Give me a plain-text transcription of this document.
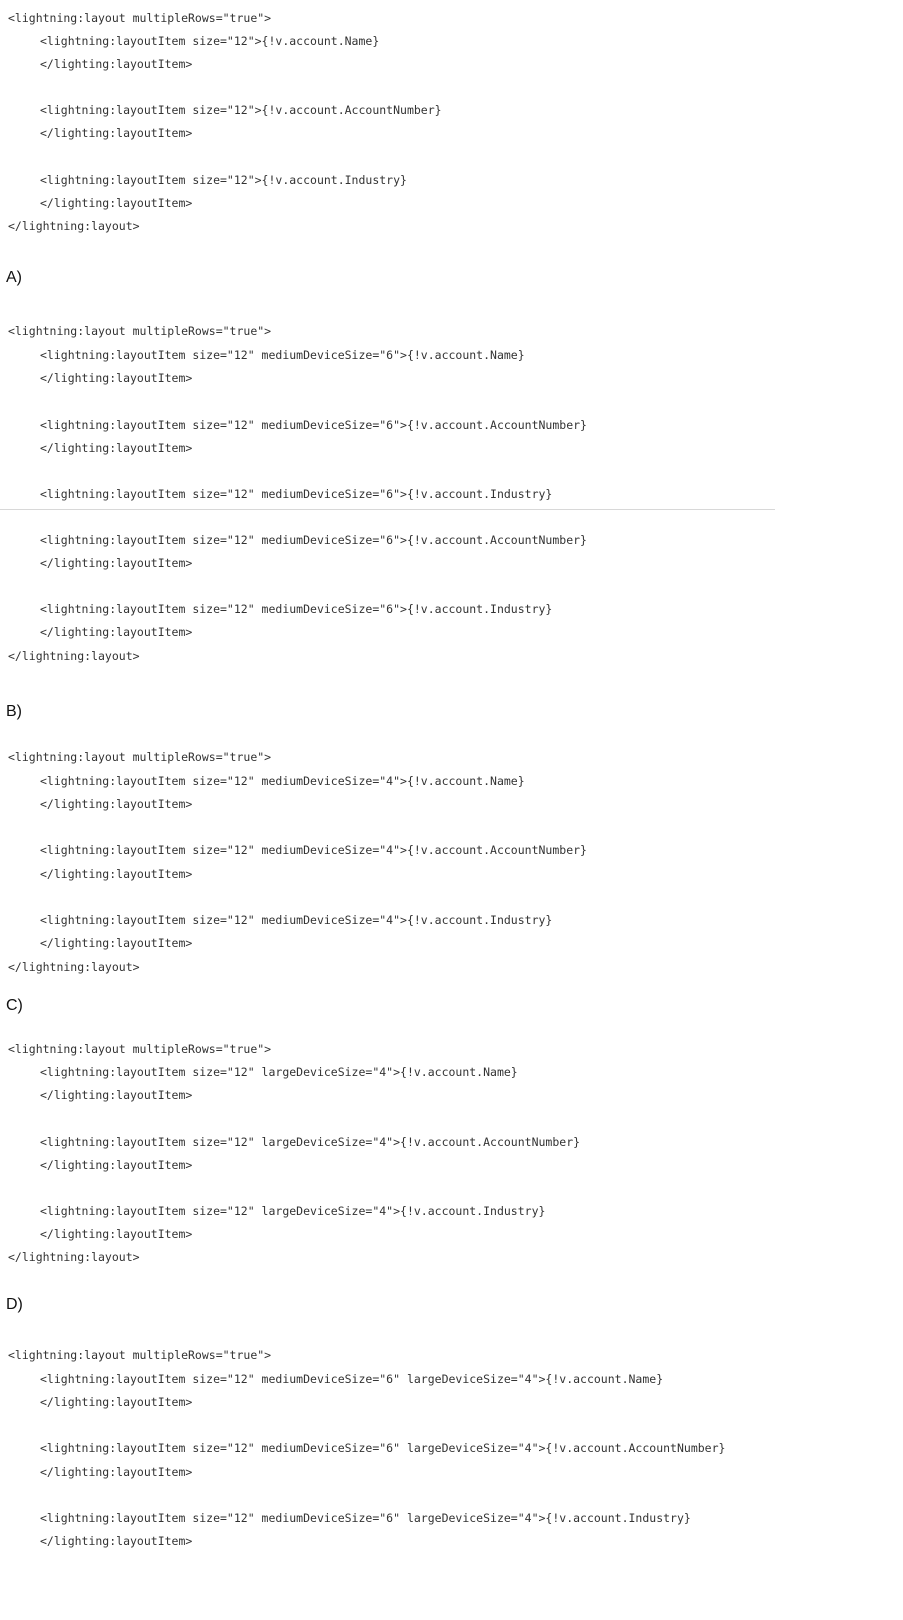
<lightning:layout multipleRows="true">
<lightning:layoutItem size="12">{!v.account.Name}
</lighting:layoutItem>
<lightning:layoutItem size="12">{!v.account.AccountNumber}
</lighting:layoutItem>
<lightning:layoutItem size="12">{!v.account.Industry}
</lighting:layoutItem>
</lightning:layout>
A)
<lightning:layout multipleRows="true">
<lightning:layoutItem size="12" mediumDeviceSize="6">{!v.account.Name}
</lighting:layoutItem>
<lightning:layoutItem size="12" mediumDeviceSize="6">{!v.account.AccountNumber}
</lighting:layoutItem>
<lightning:layoutItem size="12" mediumDeviceSize="6">{!v.account.Industry}
<lightning:layoutItem size="12" mediumDeviceSize="6">{!v.account.AccountNumber}
</lighting:layoutItem>
<lightning:layoutItem size="12" mediumDeviceSize="6">{!v.account.Industry}
</lighting:layoutItem>
</lightning:layout>
B)
<lightning:layout multipleRows="true">
<lightning:layoutItem size="12" mediumDeviceSize="4">{!v.account.Name}
</lighting:layoutItem>
<lightning:layoutItem size="12" mediumDeviceSize="4">{!v.account.AccountNumber}
</lighting:layoutItem>
<lightning:layoutItem size="12" mediumDeviceSize="4">{!v.account.Industry}
</lighting:layoutItem>
</lightning:layout>
C)
<lightning:layout multipleRows="true">
<lightning:layoutItem size="12" largeDeviceSize="4">{!v.account.Name}
</lighting:layoutItem>
<lightning:layoutItem size="12" largeDeviceSize="4">{!v.account.AccountNumber}
</lighting:layoutItem>
<lightning:layoutItem size="12" largeDeviceSize="4">{!v.account.Industry}
</lighting:layoutItem>
</lightning:layout>
D)
<lightning:layout multipleRows="true">
<lightning:layoutItem size="12" mediumDeviceSize="6" largeDeviceSize="4">{!v.account.Name}
</lighting:layoutItem>
<lightning:layoutItem size="12" mediumDeviceSize="6" largeDeviceSize="4">{!v.account.AccountNumber}
</lighting:layoutItem>
<lightning:layoutItem size="12" mediumDeviceSize="6" largeDeviceSize="4">{!v.account.Industry}
</lighting:layoutItem>
